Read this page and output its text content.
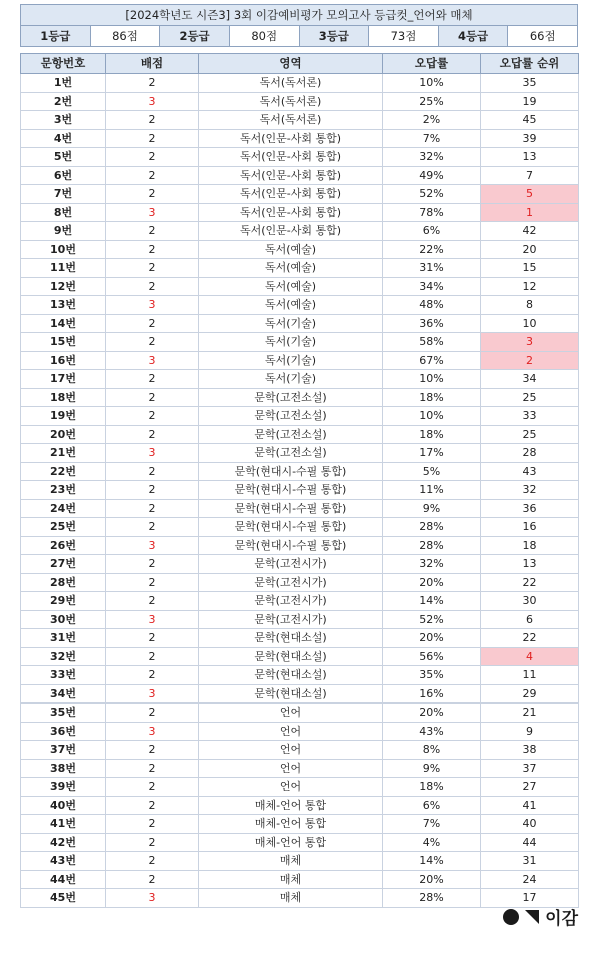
[2024학년도 시즌3] 3회 이감예비평가 모의고사 등급컷_언어와 매체
1등급	86점	2등급	80점	3등급	73점	4등급	66점
문항번호	배점	영역	오답률	오답률 순위
1번	2	독서(독서론)	10%	35
2번	3	독서(독서론)	25%	19
3번	2	독서(독서론)	2%	45
4번	2	독서(인문-사회 통합)	7%	39
5번	2	독서(인문-사회 통합)	32%	13
6번	2	독서(인문-사회 통합)	49%	7
7번	2	독서(인문-사회 통합)	52%	5
8번	3	독서(인문-사회 통합)	78%	1
9번	2	독서(인문-사회 통합)	6%	42
10번	2	독서(예술)	22%	20
11번	2	독서(예술)	31%	15
12번	2	독서(예술)	34%	12
13번	3	독서(예술)	48%	8
14번	2	독서(기술)	36%	10
15번	2	독서(기술)	58%	3
16번	3	독서(기술)	67%	2
17번	2	독서(기술)	10%	34
18번	2	문학(고전소설)	18%	25
19번	2	문학(고전소설)	10%	33
20번	2	문학(고전소설)	18%	25
21번	3	문학(고전소설)	17%	28
22번	2	문학(현대시-수필 통합)	5%	43
23번	2	문학(현대시-수필 통합)	11%	32
24번	2	문학(현대시-수필 통합)	9%	36
25번	2	문학(현대시-수필 통합)	28%	16
26번	3	문학(현대시-수필 통합)	28%	18
27번	2	문학(고전시가)	32%	13
28번	2	문학(고전시가)	20%	22
29번	2	문학(고전시가)	14%	30
30번	3	문학(고전시가)	52%	6
31번	2	문학(현대소설)	20%	22
32번	2	문학(현대소설)	56%	4
33번	2	문학(현대소설)	35%	11
34번	3	문학(현대소설)	16%	29
35번	2	언어	20%	21
36번	3	언어	43%	9
37번	2	언어	8%	38
38번	2	언어	9%	37
39번	2	언어	18%	27
40번	2	매체-언어 통합	6%	41
41번	2	매체-언어 통합	7%	40
42번	2	매체-언어 통합	4%	44
43번	2	매체	14%	31
44번	2	매체	20%	24
45번	3	매체	28%	17
이감
